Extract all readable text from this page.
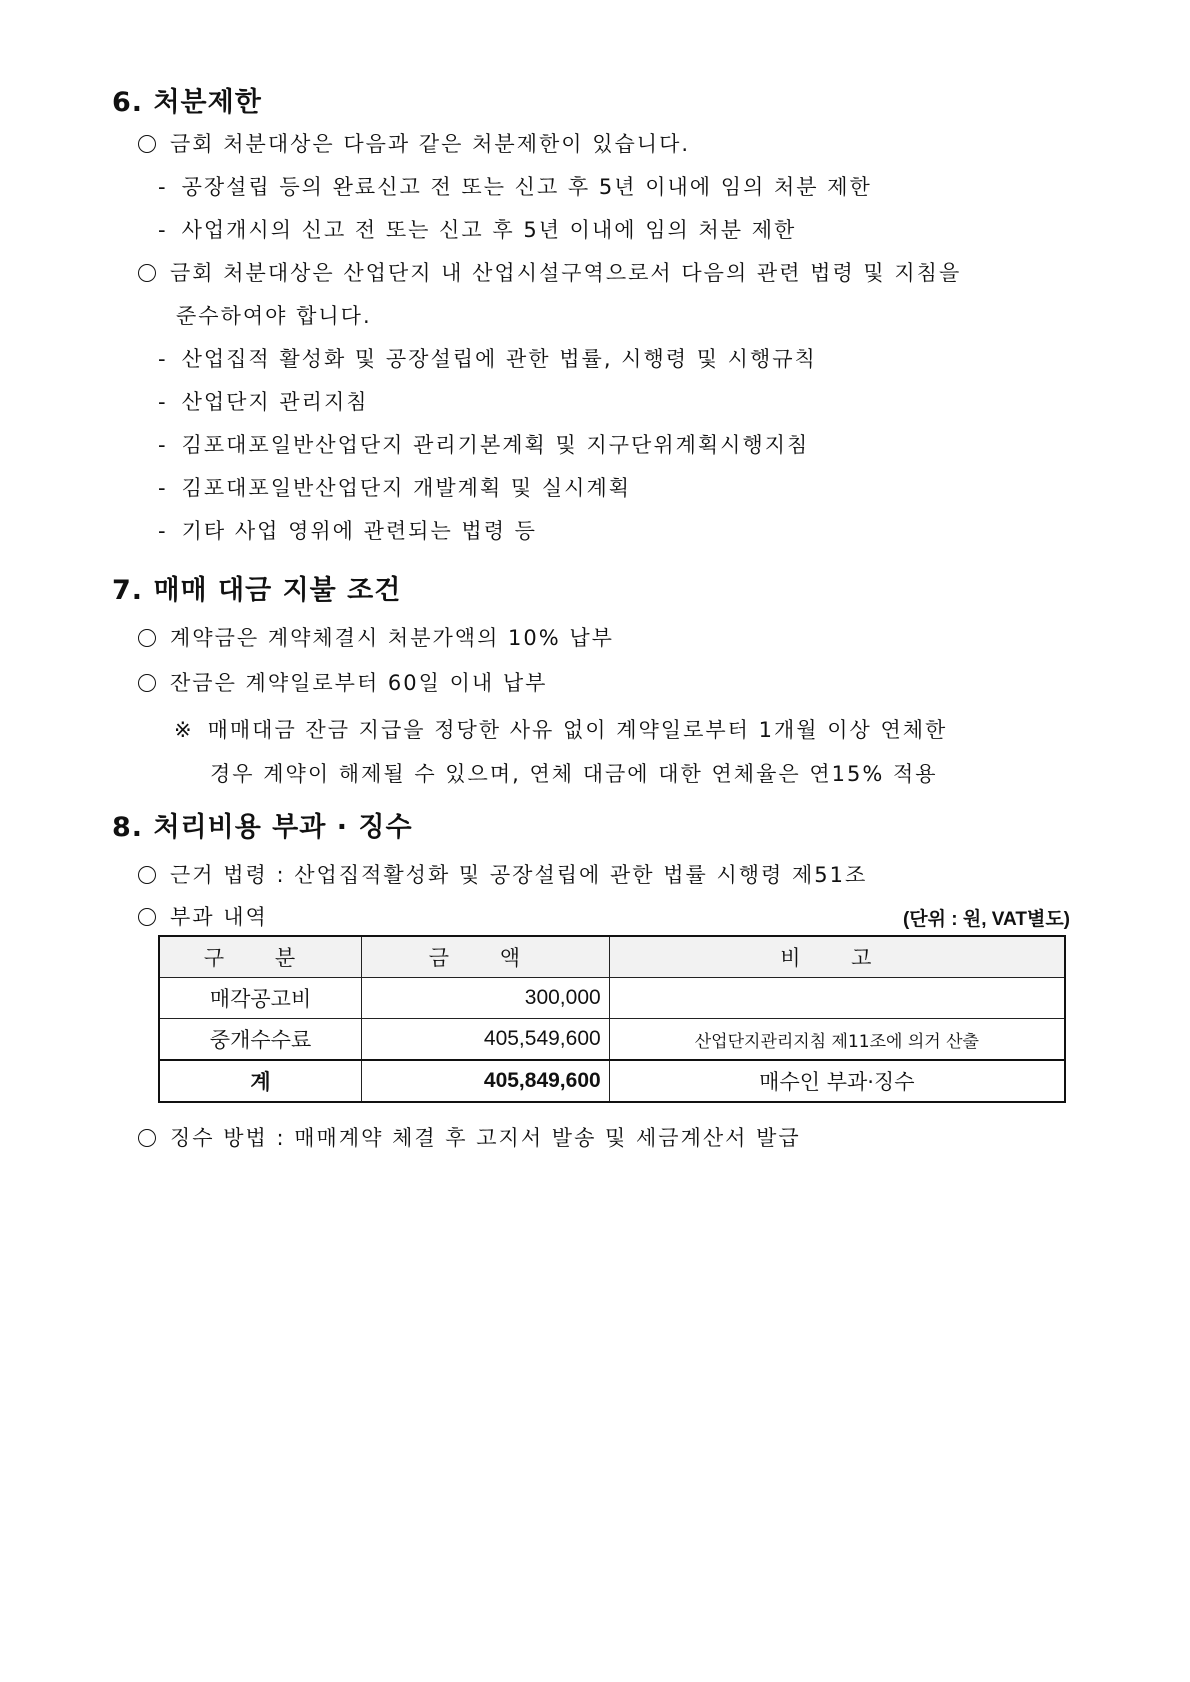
6. 처분제한
금회 처분대상은 다음과 같은 처분제한이 있습니다.
- 공장설립 등의 완료신고 전 또는 신고 후 5년 이내에 임의 처분 제한
- 사업개시의 신고 전 또는 신고 후 5년 이내에 임의 처분 제한
금회 처분대상은 산업단지 내 산업시설구역으로서 다음의 관련 법령 및 지침을
준수하여야 합니다.
- 산업집적 활성화 및 공장설립에 관한 법률, 시행령 및 시행규칙
- 산업단지 관리지침
- 김포대포일반산업단지 관리기본계획 및 지구단위계획시행지침
- 김포대포일반산업단지 개발계획 및 실시계획
- 기타 사업 영위에 관련되는 법령 등
7. 매매 대금 지불 조건
계약금은 계약체결시 처분가액의 10% 납부
잔금은 계약일로부터 60일 이내 납부
※ 매매대금 잔금 지급을 정당한 사유 없이 계약일로부터 1개월 이상 연체한
경우 계약이 해제될 수 있으며, 연체 대금에 대한 연체율은 연15% 적용
8. 처리비용 부과 · 징수
근거 법령 : 산업집적활성화 및 공장설립에 관한 법률 시행령 제51조
부과 내역	(단위 : 원, VAT별도)
구 분	금 액	비 고
매각공고비	300,000	
중개수수료	405,549,600	산업단지관리지침 제11조에 의거 산출
계	405,849,600	매수인 부과·징수
징수 방법 : 매매계약 체결 후 고지서 발송 및 세금계산서 발급
